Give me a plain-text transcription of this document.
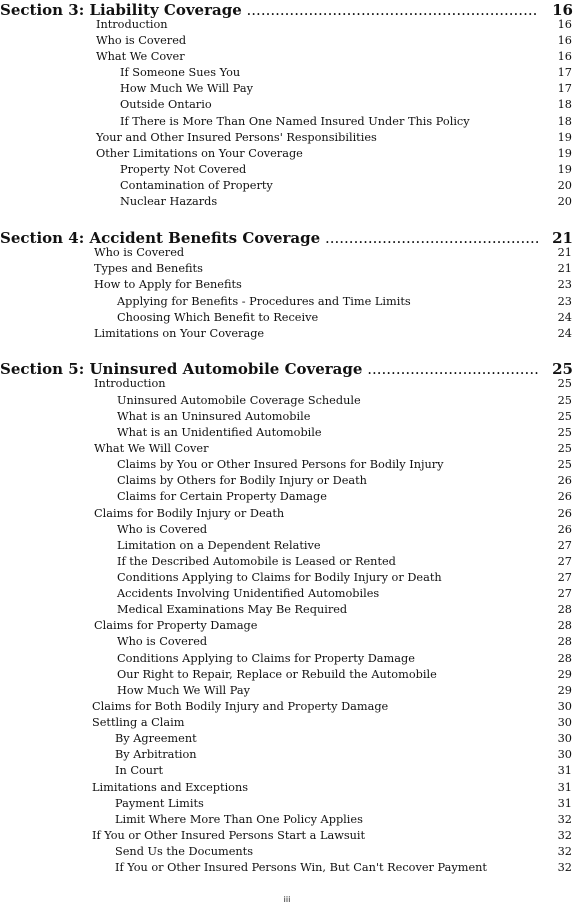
Section 3: Liability Coverage .....	16
Introduction	16
Who is Covered	16
What We Cover	16
If Someone Sues You	17
How Much We Will Pay	17
Outside Ontario	18
If There is More Than One Named Insured Under This Policy	18
Your and Other Insured Persons' Responsibilities	19
Other Limitations on Your Coverage	19
Property Not Covered	19
Contamination of Property	20
Nuclear Hazards	20
Section 4: Accident Benefits Coverage .....	21
Who is Covered	21
Types and Benefits	21
How to Apply for Benefits	23
Applying for Benefits - Procedures and Time Limits	23
Choosing Which Benefit to Receive	24
Limitations on Your Coverage	24
Section 5: Uninsured Automobile Coverage .....	25
Introduction	25
Uninsured Automobile Coverage Schedule	25
What is an Uninsured Automobile	25
What is an Unidentified Automobile	25
What We Will Cover	25
Claims by You or Other Insured Persons for Bodily Injury	25
Claims by Others for Bodily Injury or Death	26
Claims for Certain Property Damage	26
Claims for Bodily Injury or Death	26
Who is Covered	26
Limitation on a Dependent Relative	27
If the Described Automobile is Leased or Rented	27
Conditions Applying to Claims for Bodily Injury or Death	27
Accidents Involving Unidentified Automobiles	27
Medical Examinations May Be Required	28
Claims for Property Damage	28
Who is Covered	28
Conditions Applying to Claims for Property Damage	28
Our Right to Repair, Replace or Rebuild the Automobile	29
How Much We Will Pay	29
Claims for Both Bodily Injury and Property Damage	30
Settling a Claim	30
By Agreement	30
By Arbitration	30
In Court	31
Limitations and Exceptions	31
Payment Limits	31
Limit Where More Than One Policy Applies	32
If You or Other Insured Persons Start a Lawsuit	32
Send Us the Documents	32
If You or Other Insured Persons Win, But Can't Recover Payment	32
iii
